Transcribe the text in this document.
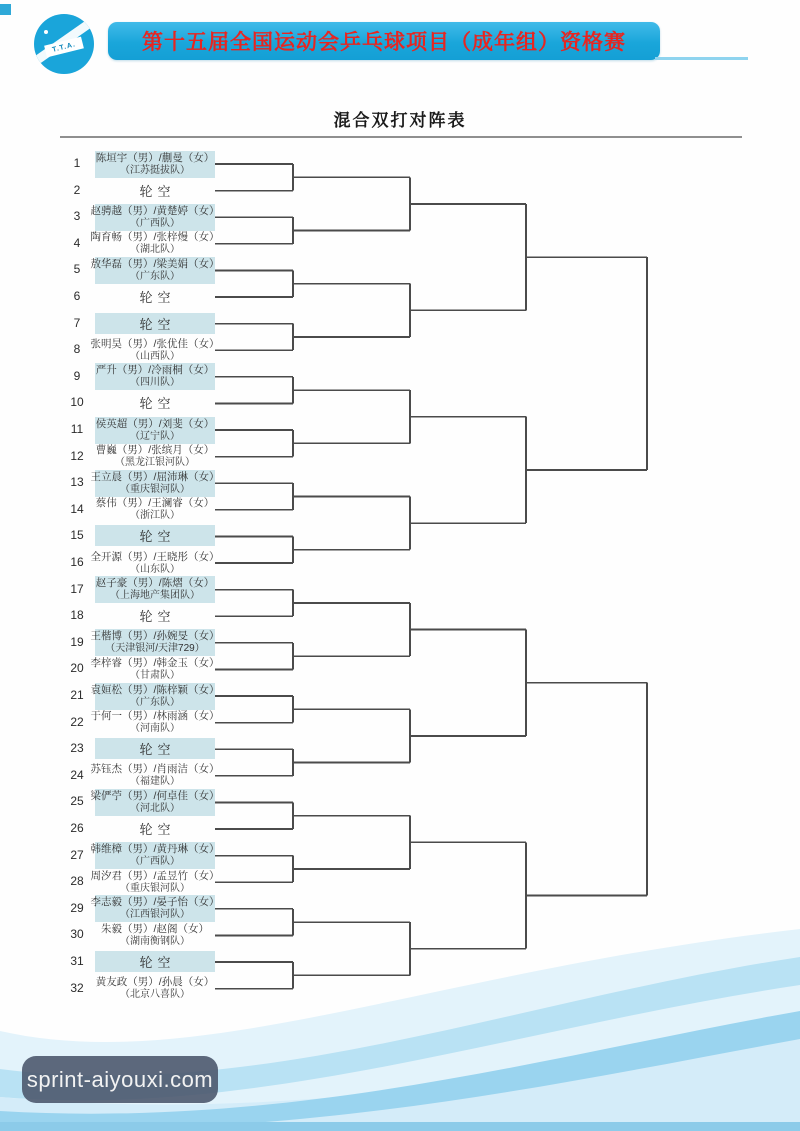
T.T.A.	第十五届全国运动会乒乓球项目（成年组）资格赛
混合双打对阵表
1	陈垣宇（男）/蒯曼（女）
（江苏挺拔队）
2	轮空
3 赵骋越（男）/黄楚婷（女）
（广西队）
4 陶育畅（男）/张梓熳（女）
（湖北队）
5 敖华磊（男）/梁美娟（女）
（广东队）
6	轮空
7	轮空
8 张明昊（男）/张优佳（女）
（山西队）
9	严升（男）/冷雨桐（女）
（四川队）
10	轮空
11	侯英超（男）/刘斐（女）
（辽宁队）
12	曹巍（男）/张缤月（女）
（黑龙江银河队）
13 王立晨（男）/屈沛琳（女）
（重庆银河队）
14	蔡伟（男）/王澜睿（女）
（浙江队）
15	轮空
16 全开源（男）/王晓彤（女）
（山东队）
17	赵子豪（男）/陈熠（女）
（上海地产集团队）
18	轮空
19 王楷博（男）/孙婉旻（女）
（天津银河/天津729）
20 李梓睿（男）/韩金玉（女）
（甘肃队）
21 袁姮松（男）/陈梓颖（女）
（广东队）
22 于何一（男）/林雨涵（女）
（河南队）
23	轮空
24 苏钰杰（男）/肖雨洁（女）
（福建队）
25 梁俨苧（男）/何卓佳（女）
（河北队）
26	轮空
27 韩维樟（男）/黄丹琳（女）
（广西队）
28 周汐君（男）/孟昱竹（女）
（重庆银河队）
29 李志毅（男）/晏子怡（女）
（江西银河队）
30	朱毅（男）/赵阁（女）
（湖南衡钢队）
31	轮空
32	黄友政（男）/孙晨（女）
（北京八喜队）
sprint-aiyouxi.com
